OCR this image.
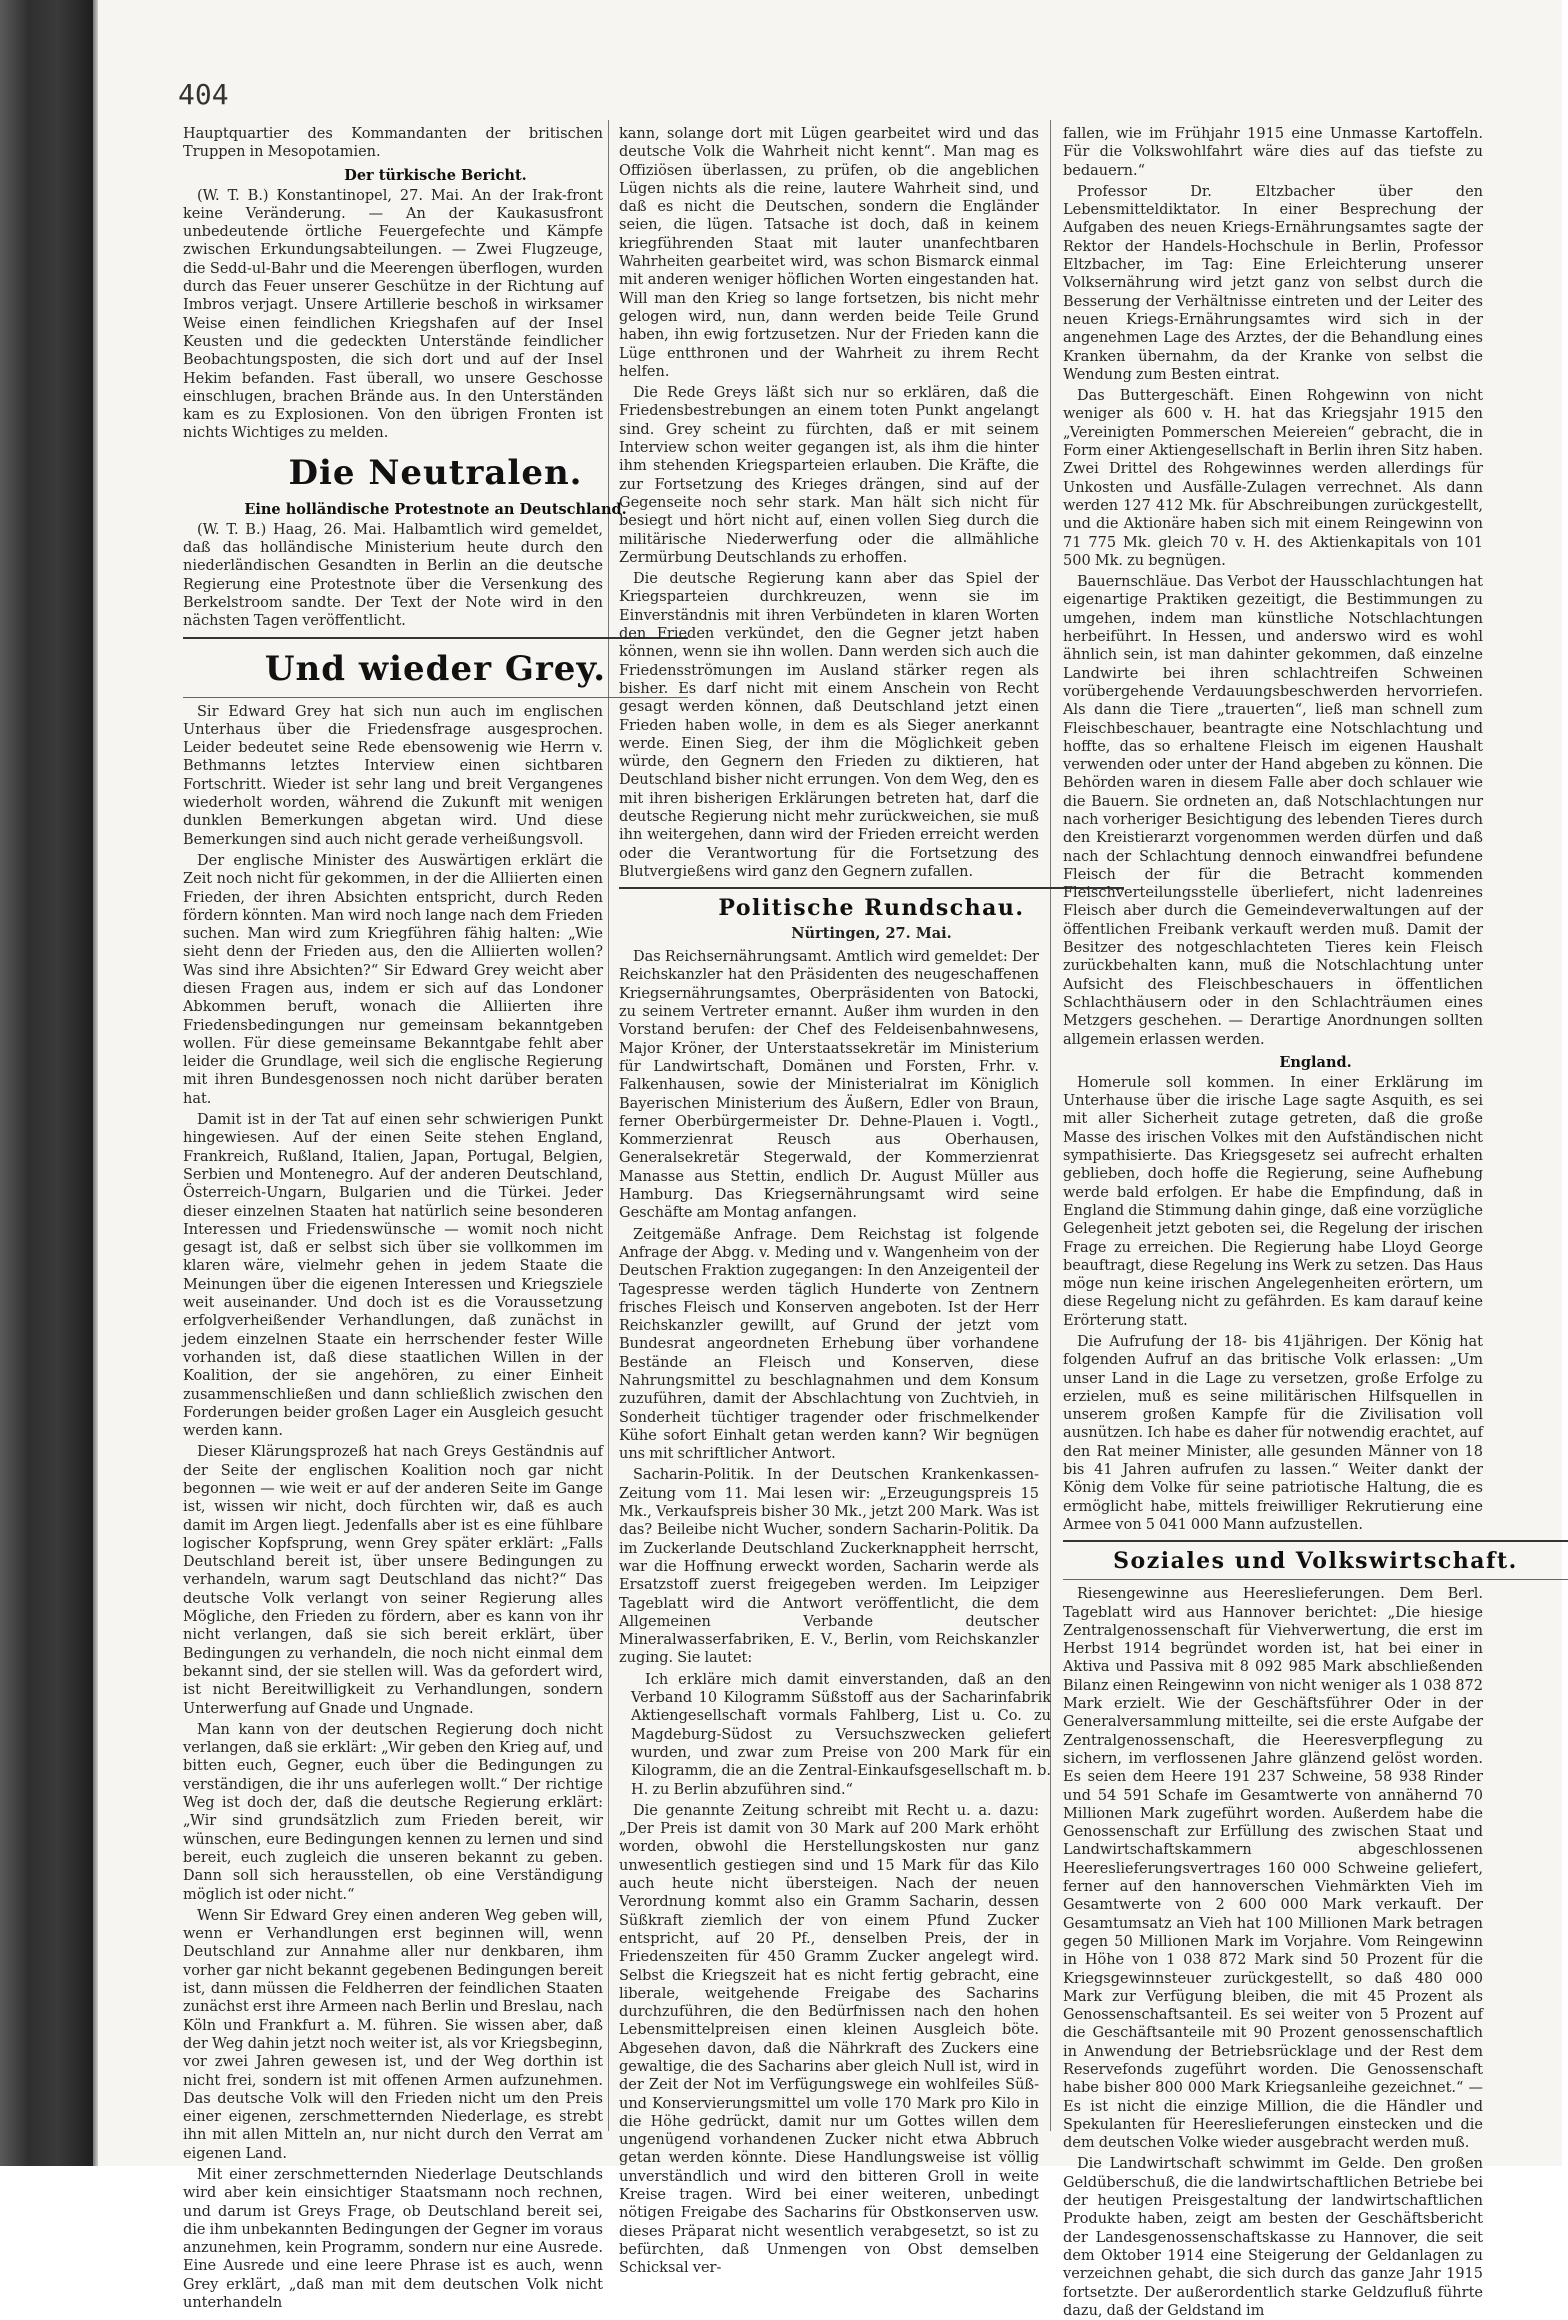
404

Hauptquartier des Kommandanten der britischen Truppen in Mesopotamien.

Der türkische Bericht.

(W. T. B.) Konstantinopel, 27. Mai. An der Irak-front keine Veränderung. — An der Kaukasusfront unbedeutende örtliche Feuergefechte und Kämpfe zwischen Erkundungsabteilungen. — Zwei Flugzeuge, die Sedd-ul-Bahr und die Meerengen überflogen, wurden durch das Feuer unserer Geschütze in der Richtung auf Imbros verjagt. Unsere Artillerie beschoß in wirksamer Weise einen feindlichen Kriegshafen auf der Insel Keusten und die gedeckten Unterstände feindlicher Beobachtungsposten, die sich dort und auf der Insel Hekim befanden. Fast überall, wo unsere Geschosse einschlugen, brachen Brände aus. In den Unterständen kam es zu Explosionen. Von den übrigen Fronten ist nichts Wichtiges zu melden.

Die Neutralen.
Eine holländische Protestnote an Deutschland.

(W. T. B.) Haag, 26. Mai. Halbamtlich wird gemeldet, daß das holländische Ministerium heute durch den niederländischen Gesandten in Berlin an die deutsche Regierung eine Protestnote über die Versenkung des Berkelstroom sandte. Der Text der Note wird in den nächsten Tagen veröffentlicht.

Und wieder Grey.

Sir Edward Grey hat sich nun auch im englischen Unterhaus über die Friedensfrage ausgesprochen. Leider bedeutet seine Rede ebensowenig wie Herrn v. Bethmanns letztes Interview einen sichtbaren Fortschritt. Wieder ist sehr lang und breit Vergangenes wiederholt worden, während die Zukunft mit wenigen dunklen Bemerkungen abgetan wird. Und diese Bemerkungen sind auch nicht gerade verheißungsvoll.

Der englische Minister des Auswärtigen erklärt die Zeit noch nicht für gekommen, in der die Alliierten einen Frieden, der ihren Absichten entspricht, durch Reden fördern könnten. Man wird noch lange nach dem Frieden suchen. Man wird zum Kriegführen fähig halten: „Wie sieht denn der Frieden aus, den die Alliierten wollen? Was sind ihre Absichten?“ Sir Edward Grey weicht aber diesen Fragen aus, indem er sich auf das Londoner Abkommen beruft, wonach die Alliierten ihre Friedensbedingungen nur gemeinsam bekanntgeben wollen. Für diese gemeinsame Bekanntgabe fehlt aber leider die Grundlage, weil sich die englische Regierung mit ihren Bundesgenossen noch nicht darüber beraten hat.

Damit ist in der Tat auf einen sehr schwierigen Punkt hingewiesen. Auf der einen Seite stehen England, Frankreich, Rußland, Italien, Japan, Portugal, Belgien, Serbien und Montenegro. Auf der anderen Deutschland, Österreich-Ungarn, Bulgarien und die Türkei. Jeder dieser einzelnen Staaten hat natürlich seine besonderen Interessen und Friedenswünsche — womit noch nicht gesagt ist, daß er selbst sich über sie vollkommen im klaren wäre, vielmehr gehen in jedem Staate die Meinungen über die eigenen Interessen und Kriegsziele weit auseinander. Und doch ist es die Voraussetzung erfolgverheißender Verhandlungen, daß zunächst in jedem einzelnen Staate ein herrschender fester Wille vorhanden ist, daß diese staatlichen Willen in der Koalition, der sie angehören, zu einer Einheit zusammenschließen und dann schließlich zwischen den Forderungen beider großen Lager ein Ausgleich gesucht werden kann.

Dieser Klärungsprozeß hat nach Greys Geständnis auf der Seite der englischen Koalition noch gar nicht begonnen — wie weit er auf der anderen Seite im Gange ist, wissen wir nicht, doch fürchten wir, daß es auch damit im Argen liegt. Jedenfalls aber ist es eine fühlbare logischer Kopfsprung, wenn Grey später erklärt: „Falls Deutschland bereit ist, über unsere Bedingungen zu verhandeln, warum sagt Deutschland das nicht?“ Das deutsche Volk verlangt von seiner Regierung alles Mögliche, den Frieden zu fördern, aber es kann von ihr nicht verlangen, daß sie sich bereit erklärt, über Bedingungen zu verhandeln, die noch nicht einmal dem bekannt sind, der sie stellen will. Was da gefordert wird, ist nicht Bereitwilligkeit zu Verhandlungen, sondern Unterwerfung auf Gnade und Ungnade.

Man kann von der deutschen Regierung doch nicht verlangen, daß sie erklärt: „Wir geben den Krieg auf, und bitten euch, Gegner, euch über die Bedingungen zu verständigen, die ihr uns auferlegen wollt.“ Der richtige Weg ist doch der, daß die deutsche Regierung erklärt: „Wir sind grundsätzlich zum Frieden bereit, wir wünschen, eure Bedingungen kennen zu lernen und sind bereit, euch zugleich die unseren bekannt zu geben. Dann soll sich herausstellen, ob eine Verständigung möglich ist oder nicht.“

Wenn Sir Edward Grey einen anderen Weg geben will, wenn er Verhandlungen erst beginnen will, wenn Deutschland zur Annahme aller nur denkbaren, ihm vorher gar nicht bekannt gegebenen Bedingungen bereit ist, dann müssen die Feldherren der feindlichen Staaten zunächst erst ihre Armeen nach Berlin und Breslau, nach Köln und Frankfurt a. M. führen. Sie wissen aber, daß der Weg dahin jetzt noch weiter ist, als vor Kriegsbeginn, vor zwei Jahren gewesen ist, und der Weg dorthin ist nicht frei, sondern ist mit offenen Armen aufzunehmen. Das deutsche Volk will den Frieden nicht um den Preis einer eigenen, zerschmetternden Niederlage, es strebt ihn mit allen Mitteln an, nur nicht durch den Verrat am eigenen Land.

Mit einer zerschmetternden Niederlage Deutschlands wird aber kein einsichtiger Staatsmann noch rechnen, und darum ist Greys Frage, ob Deutschland bereit sei, die ihm unbekannten Bedingungen der Gegner im voraus anzunehmen, kein Programm, sondern nur eine Ausrede. Eine Ausrede und eine leere Phrase ist es auch, wenn Grey erklärt, „daß man mit dem deutschen Volk nicht unterhandeln

kann, solange dort mit Lügen gearbeitet wird und das deutsche Volk die Wahrheit nicht kennt“. Man mag es Offiziösen überlassen, zu prüfen, ob die angeblichen Lügen nichts als die reine, lautere Wahrheit sind, und daß es nicht die Deutschen, sondern die Engländer seien, die lügen. Tatsache ist doch, daß in keinem kriegführenden Staat mit lauter unanfechtbaren Wahrheiten gearbeitet wird, was schon Bismarck einmal mit anderen weniger höflichen Worten eingestanden hat. Will man den Krieg so lange fortsetzen, bis nicht mehr gelogen wird, nun, dann werden beide Teile Grund haben, ihn ewig fortzusetzen. Nur der Frieden kann die Lüge entthronen und der Wahrheit zu ihrem Recht helfen.

Die Rede Greys läßt sich nur so erklären, daß die Friedensbestrebungen an einem toten Punkt angelangt sind. Grey scheint zu fürchten, daß er mit seinem Interview schon weiter gegangen ist, als ihm die hinter ihm stehenden Kriegsparteien erlauben. Die Kräfte, die zur Fortsetzung des Krieges drängen, sind auf der Gegenseite noch sehr stark. Man hält sich nicht für besiegt und hört nicht auf, einen vollen Sieg durch die militärische Niederwerfung oder die allmähliche Zermürbung Deutschlands zu erhoffen.

Die deutsche Regierung kann aber das Spiel der Kriegsparteien durchkreuzen, wenn sie im Einverständnis mit ihren Verbündeten in klaren Worten den Frieden verkündet, den die Gegner jetzt haben können, wenn sie ihn wollen. Dann werden sich auch die Friedensströmungen im Ausland stärker regen als bisher. Es darf nicht mit einem Anschein von Recht gesagt werden können, daß Deutschland jetzt einen Frieden haben wolle, in dem es als Sieger anerkannt werde. Einen Sieg, der ihm die Möglichkeit geben würde, den Gegnern den Frieden zu diktieren, hat Deutschland bisher nicht errungen. Von dem Weg, den es mit ihren bisherigen Erklärungen betreten hat, darf die deutsche Regierung nicht mehr zurückweichen, sie muß ihn weitergehen, dann wird der Frieden erreicht werden oder die Verantwortung für die Fortsetzung des Blutvergießens wird ganz den Gegnern zufallen.

Politische Rundschau.
Nürtingen, 27. Mai.

Das Reichsernährungsamt. Amtlich wird gemeldet: Der Reichskanzler hat den Präsidenten des neugeschaffenen Kriegsernährungsamtes, Oberpräsidenten von Batocki, zu seinem Vertreter ernannt. Außer ihm wurden in den Vorstand berufen: der Chef des Feldeisenbahnwesens, Major Kröner, der Unterstaatssekretär im Ministerium für Landwirtschaft, Domänen und Forsten, Frhr. v. Falkenhausen, sowie der Ministerialrat im Königlich Bayerischen Ministerium des Äußern, Edler von Braun, ferner Oberbürgermeister Dr. Dehne-Plauen i. Vogtl., Kommerzienrat Reusch aus Oberhausen, Generalsekretär Stegerwald, der Kommerzienrat Manasse aus Stettin, endlich Dr. August Müller aus Hamburg. Das Kriegsernährungsamt wird seine Geschäfte am Montag anfangen.

Zeitgemäße Anfrage. Dem Reichstag ist folgende Anfrage der Abgg. v. Meding und v. Wangenheim von der Deutschen Fraktion zugegangen: In den Anzeigenteil der Tagespresse werden täglich Hunderte von Zentnern frisches Fleisch und Konserven angeboten. Ist der Herr Reichskanzler gewillt, auf Grund der jetzt vom Bundesrat angeordneten Erhebung über vorhandene Bestände an Fleisch und Konserven, diese Nahrungsmittel zu beschlagnahmen und dem Konsum zuzuführen, damit der Abschlachtung von Zuchtvieh, in Sonderheit tüchtiger tragender oder frischmelkender Kühe sofort Einhalt getan werden kann? Wir begnügen uns mit schriftlicher Antwort.

Sacharin-Politik. In der Deutschen Krankenkassen-Zeitung vom 11. Mai lesen wir: „Erzeugungspreis 15 Mk., Verkaufspreis bisher 30 Mk., jetzt 200 Mark. Was ist das? Beileibe nicht Wucher, sondern Sacharin-Politik. Da im Zuckerlande Deutschland Zuckerknappheit herrscht, war die Hoffnung erweckt worden, Sacharin werde als Ersatzstoff zuerst freigegeben werden. Im Leipziger Tageblatt wird die Antwort veröffentlicht, die dem Allgemeinen Verbande deutscher Mineralwasserfabriken, E. V., Berlin, vom Reichskanzler zuging. Sie lautet:

Ich erkläre mich damit einverstanden, daß an den Verband 10 Kilogramm Süßstoff aus der Sacharinfabrik Aktiengesellschaft vormals Fahlberg, List u. Co. zu Magdeburg-Südost zu Versuchszwecken geliefert wurden, und zwar zum Preise von 200 Mark für ein Kilogramm, die an die Zentral-Einkaufsgesellschaft m. b. H. zu Berlin abzuführen sind.“

Die genannte Zeitung schreibt mit Recht u. a. dazu: „Der Preis ist damit von 30 Mark auf 200 Mark erhöht worden, obwohl die Herstellungskosten nur ganz unwesentlich gestiegen sind und 15 Mark für das Kilo auch heute nicht übersteigen. Nach der neuen Verordnung kommt also ein Gramm Sacharin, dessen Süßkraft ziemlich der von einem Pfund Zucker entspricht, auf 20 Pf., denselben Preis, der in Friedenszeiten für 450 Gramm Zucker angelegt wird. Selbst die Kriegszeit hat es nicht fertig gebracht, eine liberale, weitgehende Freigabe des Sacharins durchzuführen, die den Bedürfnissen nach den hohen Lebensmittelpreisen einen kleinen Ausgleich böte. Abgesehen davon, daß die Nährkraft des Zuckers eine gewaltige, die des Sacharins aber gleich Null ist, wird in der Zeit der Not im Verfügungswege ein wohlfeiles Süß- und Konservierungsmittel um volle 170 Mark pro Kilo in die Höhe gedrückt, damit nur um Gottes willen dem ungenügend vorhandenen Zucker nicht etwa Abbruch getan werden könnte. Diese Handlungsweise ist völlig unverständlich und wird den bitteren Groll in weite Kreise tragen. Wird bei einer weiteren, unbedingt nötigen Freigabe des Sacharins für Obstkonserven usw. dieses Präparat nicht wesentlich verabgesetzt, so ist zu befürchten, daß Unmengen von Obst demselben Schicksal ver-

fallen, wie im Frühjahr 1915 eine Unmasse Kartoffeln. Für die Volkswohlfahrt wäre dies auf das tiefste zu bedauern.“

Professor Dr. Eltzbacher über den Lebensmitteldiktator. In einer Besprechung der Aufgaben des neuen Kriegs-Ernährungsamtes sagte der Rektor der Handels-Hochschule in Berlin, Professor Eltzbacher, im Tag: Eine Erleichterung unserer Volksernährung wird jetzt ganz von selbst durch die Besserung der Verhältnisse eintreten und der Leiter des neuen Kriegs-Ernährungsamtes wird sich in der angenehmen Lage des Arztes, der die Behandlung eines Kranken übernahm, da der Kranke von selbst die Wendung zum Besten eintrat.

Das Buttergeschäft. Einen Rohgewinn von nicht weniger als 600 v. H. hat das Kriegsjahr 1915 den „Vereinigten Pommerschen Meiereien“ gebracht, die in Form einer Aktiengesellschaft in Berlin ihren Sitz haben. Zwei Drittel des Rohgewinnes werden allerdings für Unkosten und Ausfälle-Zulagen verrechnet. Als dann werden 127 412 Mk. für Abschreibungen zurückgestellt, und die Aktionäre haben sich mit einem Reingewinn von 71 775 Mk. gleich 70 v. H. des Aktienkapitals von 101 500 Mk. zu begnügen.

Bauernschläue. Das Verbot der Hausschlachtungen hat eigenartige Praktiken gezeitigt, die Bestimmungen zu umgehen, indem man künstliche Notschlachtungen herbeiführt. In Hessen, und anderswo wird es wohl ähnlich sein, ist man dahinter gekommen, daß einzelne Landwirte bei ihren schlachtreifen Schweinen vorübergehende Verdauungsbeschwerden hervorriefen. Als dann die Tiere „trauerten“, ließ man schnell zum Fleischbeschauer, beantragte eine Notschlachtung und hoffte, das so erhaltene Fleisch im eigenen Haushalt verwenden oder unter der Hand abgeben zu können. Die Behörden waren in diesem Falle aber doch schlauer wie die Bauern. Sie ordneten an, daß Notschlachtungen nur nach vorheriger Besichtigung des lebenden Tieres durch den Kreistierarzt vorgenommen werden dürfen und daß nach der Schlachtung dennoch einwandfrei befundene Fleisch der für die Betracht kommenden Fleischverteilungsstelle überliefert, nicht ladenreines Fleisch aber durch die Gemeindeverwaltungen auf der öffentlichen Freibank verkauft werden muß. Damit der Besitzer des notgeschlachteten Tieres kein Fleisch zurückbehalten kann, muß die Notschlachtung unter Aufsicht des Fleischbeschauers in öffentlichen Schlachthäusern oder in den Schlachträumen eines Metzgers geschehen. — Derartige Anordnungen sollten allgemein erlassen werden.

England.

Homerule soll kommen. In einer Erklärung im Unterhause über die irische Lage sagte Asquith, es sei mit aller Sicherheit zutage getreten, daß die große Masse des irischen Volkes mit den Aufständischen nicht sympathisierte. Das Kriegsgesetz sei aufrecht erhalten geblieben, doch hoffe die Regierung, seine Aufhebung werde bald erfolgen. Er habe die Empfindung, daß in England die Stimmung dahin ginge, daß eine vorzügliche Gelegenheit jetzt geboten sei, die Regelung der irischen Frage zu erreichen. Die Regierung habe Lloyd George beauftragt, diese Regelung ins Werk zu setzen. Das Haus möge nun keine irischen Angelegenheiten erörtern, um diese Regelung nicht zu gefährden. Es kam darauf keine Erörterung statt.

Die Aufrufung der 18- bis 41jährigen. Der König hat folgenden Aufruf an das britische Volk erlassen: „Um unser Land in die Lage zu versetzen, große Erfolge zu erzielen, muß es seine militärischen Hilfsquellen in unserem großen Kampfe für die Zivilisation voll ausnützen. Ich habe es daher für notwendig erachtet, auf den Rat meiner Minister, alle gesunden Männer von 18 bis 41 Jahren aufrufen zu lassen.“ Weiter dankt der König dem Volke für seine patriotische Haltung, die es ermöglicht habe, mittels freiwilliger Rekrutierung eine Armee von 5 041 000 Mann aufzustellen.

Soziales und Volkswirtschaft.

Riesengewinne aus Heereslieferungen. Dem Berl. Tageblatt wird aus Hannover berichtet: „Die hiesige Zentralgenossenschaft für Viehverwertung, die erst im Herbst 1914 begründet worden ist, hat bei einer in Aktiva und Passiva mit 8 092 985 Mark abschließenden Bilanz einen Reingewinn von nicht weniger als 1 038 872 Mark erzielt. Wie der Geschäftsführer Oder in der Generalversammlung mitteilte, sei die erste Aufgabe der Zentralgenossenschaft, die Heeresverpflegung zu sichern, im verflossenen Jahre glänzend gelöst worden. Es seien dem Heere 191 237 Schweine, 58 938 Rinder und 54 591 Schafe im Gesamtwerte von annähernd 70 Millionen Mark zugeführt worden. Außerdem habe die Genossenschaft zur Erfüllung des zwischen Staat und Landwirtschaftskammern abgeschlossenen Heereslieferungsvertrages 160 000 Schweine geliefert, ferner auf den hannoverschen Viehmärkten Vieh im Gesamtwerte von 2 600 000 Mark verkauft. Der Gesamtumsatz an Vieh hat 100 Millionen Mark betragen gegen 50 Millionen Mark im Vorjahre. Vom Reingewinn in Höhe von 1 038 872 Mark sind 50 Prozent für die Kriegsgewinnsteuer zurückgestellt, so daß 480 000 Mark zur Verfügung bleiben, die mit 45 Prozent als Genossenschaftsanteil. Es sei weiter von 5 Prozent auf die Geschäftsanteile mit 90 Prozent genossenschaftlich in Anwendung der Betriebsrücklage und der Rest dem Reservefonds zugeführt worden. Die Genossenschaft habe bisher 800 000 Mark Kriegsanleihe gezeichnet.“ — Es ist nicht die einzige Million, die die Händler und Spekulanten für Heereslieferungen einstecken und die dem deutschen Volke wieder ausgebracht werden muß.

Die Landwirtschaft schwimmt im Gelde. Den großen Geldüberschuß, die die landwirtschaftlichen Betriebe bei der heutigen Preisgestaltung der landwirtschaftlichen Produkte haben, zeigt am besten der Geschäftsbericht der Landesgenossenschaftskasse zu Hannover, die seit dem Oktober 1914 eine Steigerung der Geldanlagen zu verzeichnen gehabt, die sich durch das ganze Jahr 1915 fortsetzte. Der außerordentlich starke Geldzufluß führte dazu, daß der Geldstand im
